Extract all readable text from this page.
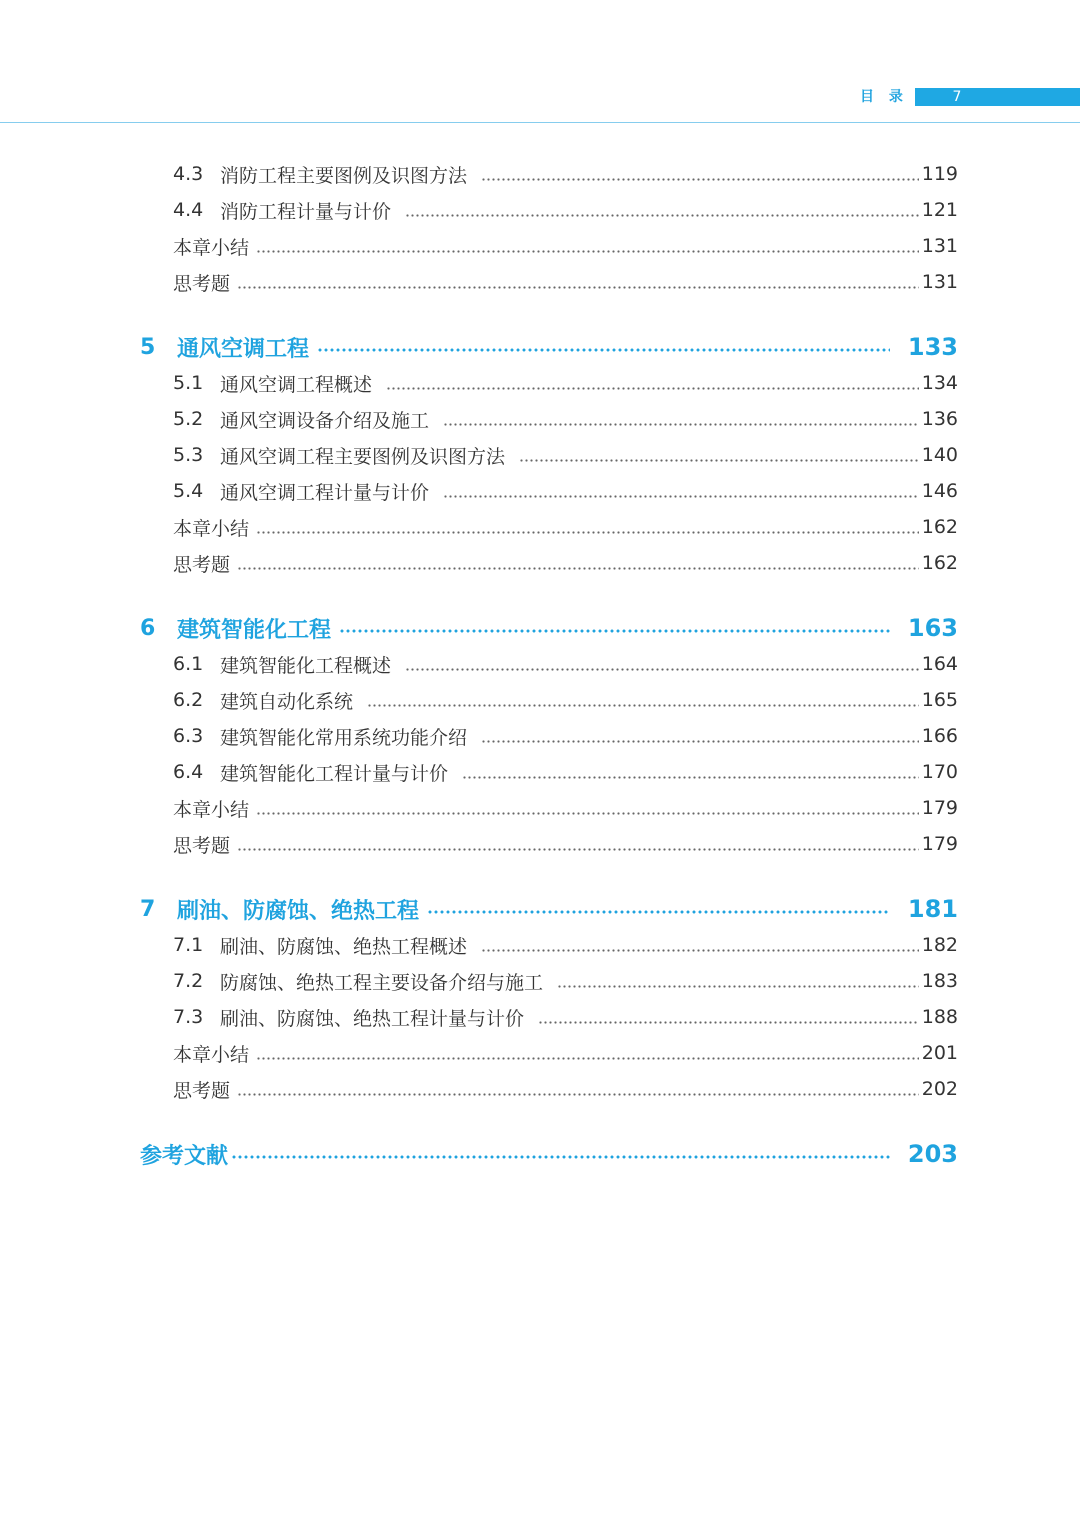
目 录	7
4.3 消防工程主要图例及识图方法	119
4.4 消防工程计量与计价	121
本章小结	131
思考题	131
5 通风空调工程	133
5.1 通风空调工程概述	134
5.2 通风空调设备介绍及施工	136
5.3 通风空调工程主要图例及识图方法	140
5.4 通风空调工程计量与计价	146
本章小结	162
思考题	162
6 建筑智能化工程	163
6.1 建筑智能化工程概述	164
6.2 建筑自动化系统	165
6.3 建筑智能化常用系统功能介绍	166
6.4 建筑智能化工程计量与计价	170
本章小结	179
思考题	179
7 刷油、防腐蚀、绝热工程	181
7.1 刷油、防腐蚀、绝热工程概述	182
7.2 防腐蚀、绝热工程主要设备介绍与施工	183
7.3 刷油、防腐蚀、绝热工程计量与计价	188
本章小结	201
思考题	202
参考文献	203
